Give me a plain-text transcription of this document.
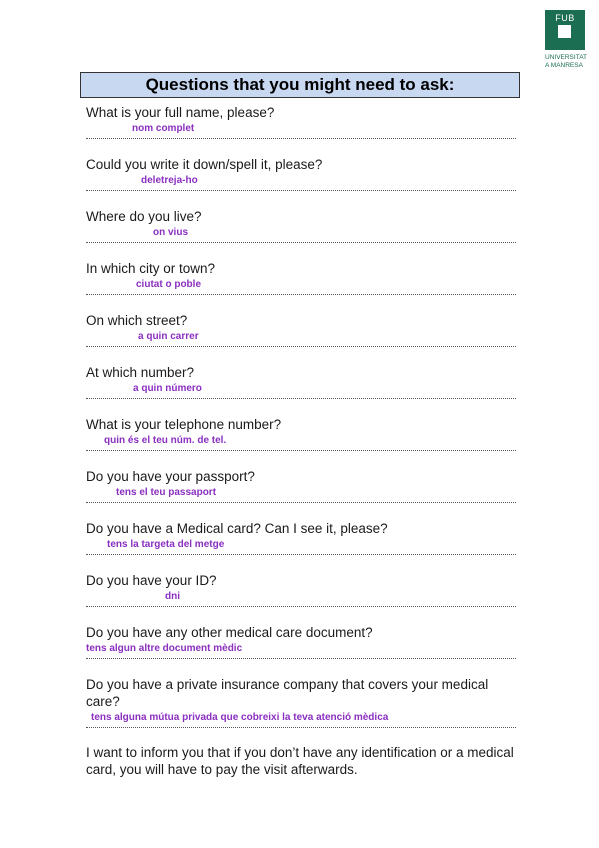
FUB
UNIVERSITAT
A MANRESA
Questions that you might need to ask:
What is your full name, please?
nom complet
Could you write it down/spell it, please?
deletreja-ho
Where do you live?
on vius
In which city or town?
ciutat o poble
On which street?
a quin carrer
At which number?
a quin número
What is your telephone number?
quin és el teu núm. de tel.
Do you have your passport?
tens el teu passaport
Do you have a Medical card? Can I see it, please?
tens la targeta del metge
Do you have your ID?
dni
Do you have any other medical care document?
tens algun altre document mèdic
Do you have a private insurance company that covers your medical care?
tens alguna mútua privada que cobreixi la teva atenció mèdica
I want to inform you that if you don’t have any identification or a medical card, you will have to pay the visit afterwards.
